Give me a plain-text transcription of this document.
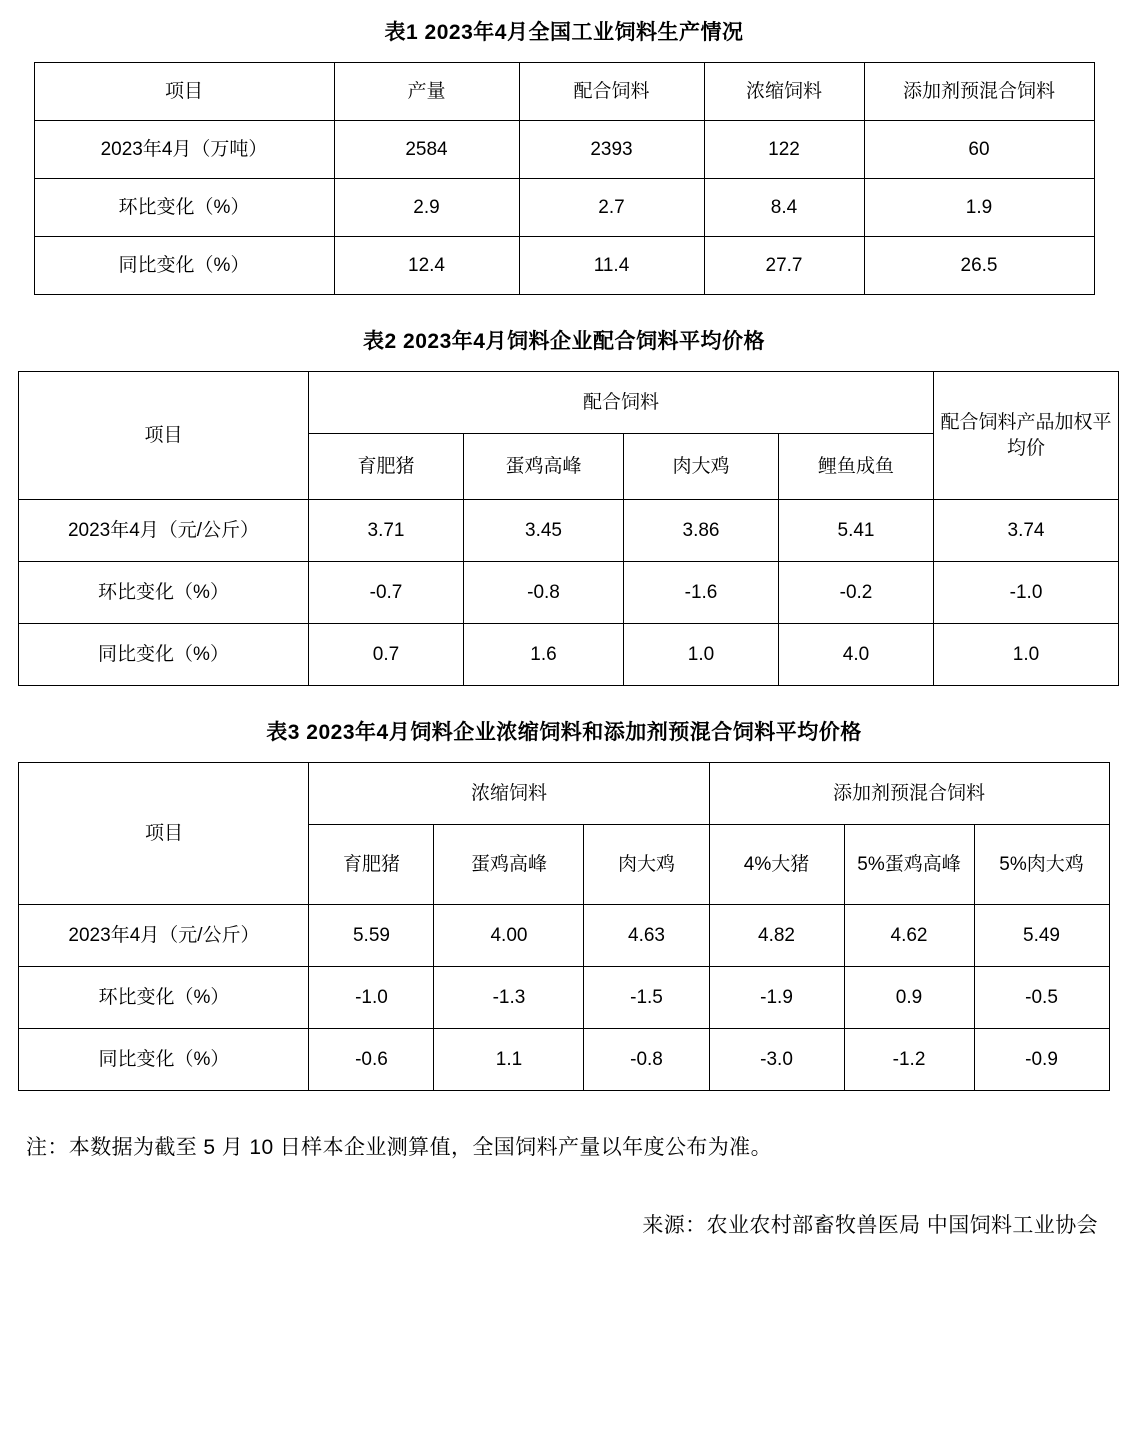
表1 2023年4月全国工业饲料生产情况
项目	产量	配合饲料	浓缩饲料	添加剂预混合饲料
2023年4月（万吨）	2584	2393	122	60
环比变化（%）	2.9	2.7	8.4	1.9
同比变化（%）	12.4	11.4	27.7	26.5
表2 2023年4月饲料企业配合饲料平均价格
项目	配合饲料				配合饲料产品加权平均价
	育肥猪	蛋鸡高峰	肉大鸡	鲤鱼成鱼	
2023年4月（元/公斤）	3.71	3.45	3.86	5.41	3.74
环比变化（%）	-0.7	-0.8	-1.6	-0.2	-1.0
同比变化（%）	0.7	1.6	1.0	4.0	1.0
表3 2023年4月饲料企业浓缩饲料和添加剂预混合饲料平均价格
项目	浓缩饲料			添加剂预混合饲料		
	育肥猪	蛋鸡高峰	肉大鸡	4%大猪	5%蛋鸡高峰	5%肉大鸡
2023年4月（元/公斤）	5.59	4.00	4.63	4.82	4.62	5.49
环比变化（%）	-1.0	-1.3	-1.5	-1.9	0.9	-0.5
同比变化（%）	-0.6	1.1	-0.8	-3.0	-1.2	-0.9
注：本数据为截至 5 月 10 日样本企业测算值，全国饲料产量以年度公布为准。
来源：农业农村部畜牧兽医局 中国饲料工业协会
